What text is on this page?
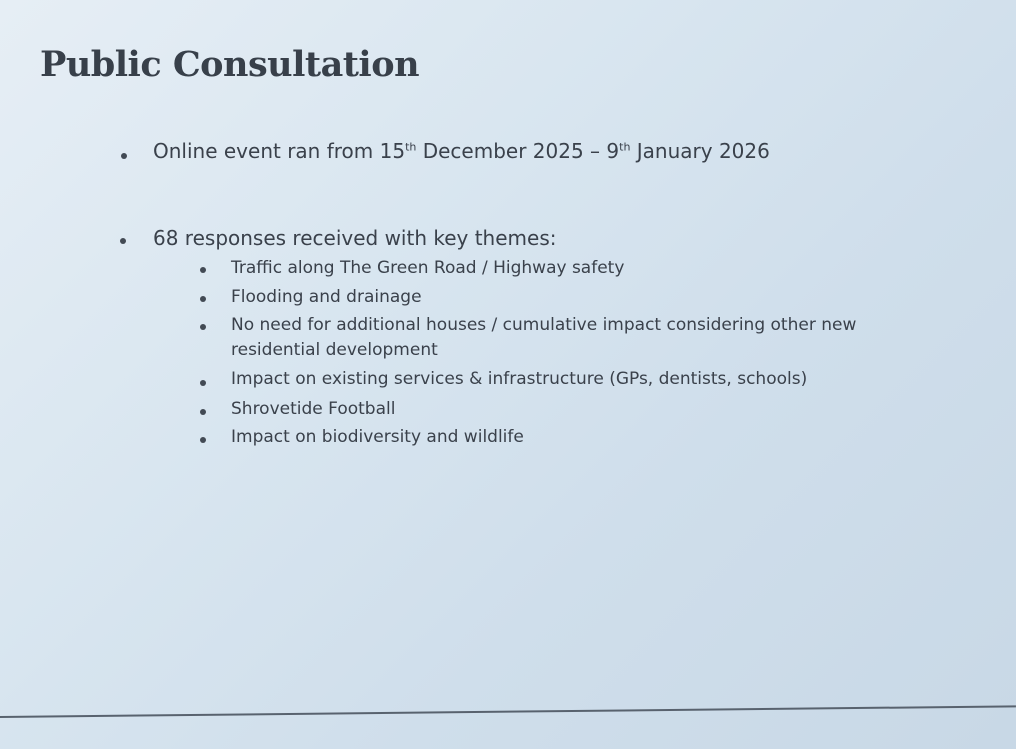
Public Consultation
Online event ran from 15th December 2025 – 9th January 2026
68 responses received with key themes:
Traffic along The Green Road / Highway safety
Flooding and drainage
No need for additional houses / cumulative impact considering other new residential development
Impact on existing services & infrastructure (GPs, dentists, schools)
Shrovetide Football
Impact on biodiversity and wildlife
